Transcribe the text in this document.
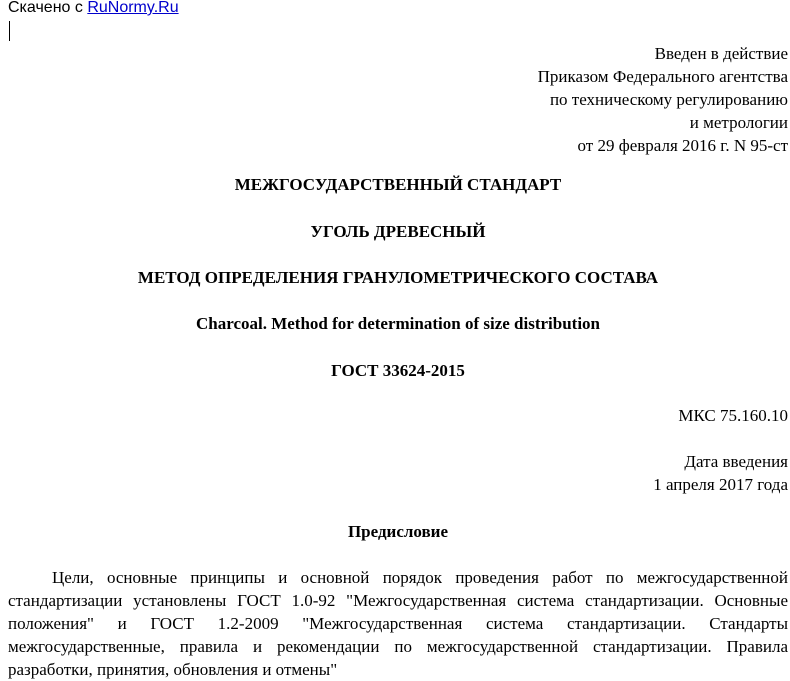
Скачено с RuNormy.Ru
Введен в действие
Приказом Федерального агентства
по техническому регулированию
и метрологии
от 29 февраля 2016 г. N 95-ст
МЕЖГОСУДАРСТВЕННЫЙ СТАНДАРТ
УГОЛЬ ДРЕВЕСНЫЙ
МЕТОД ОПРЕДЕЛЕНИЯ ГРАНУЛОМЕТРИЧЕСКОГО СОСТАВА
Charcoal. Method for determination of size distribution
ГОСТ 33624-2015
МКС 75.160.10
Дата введения
1 апреля 2017 года
Предисловие
Цели, основные принципы и основной порядок проведения работ по межгосударственной стандартизации установлены ГОСТ 1.0-92 "Межгосударственная система стандартизации. Основные положения" и ГОСТ 1.2-2009 "Межгосударственная система стандартизации. Стандарты межгосударственные, правила и рекомендации по межгосударственной стандартизации. Правила разработки, принятия, обновления и отмены"
